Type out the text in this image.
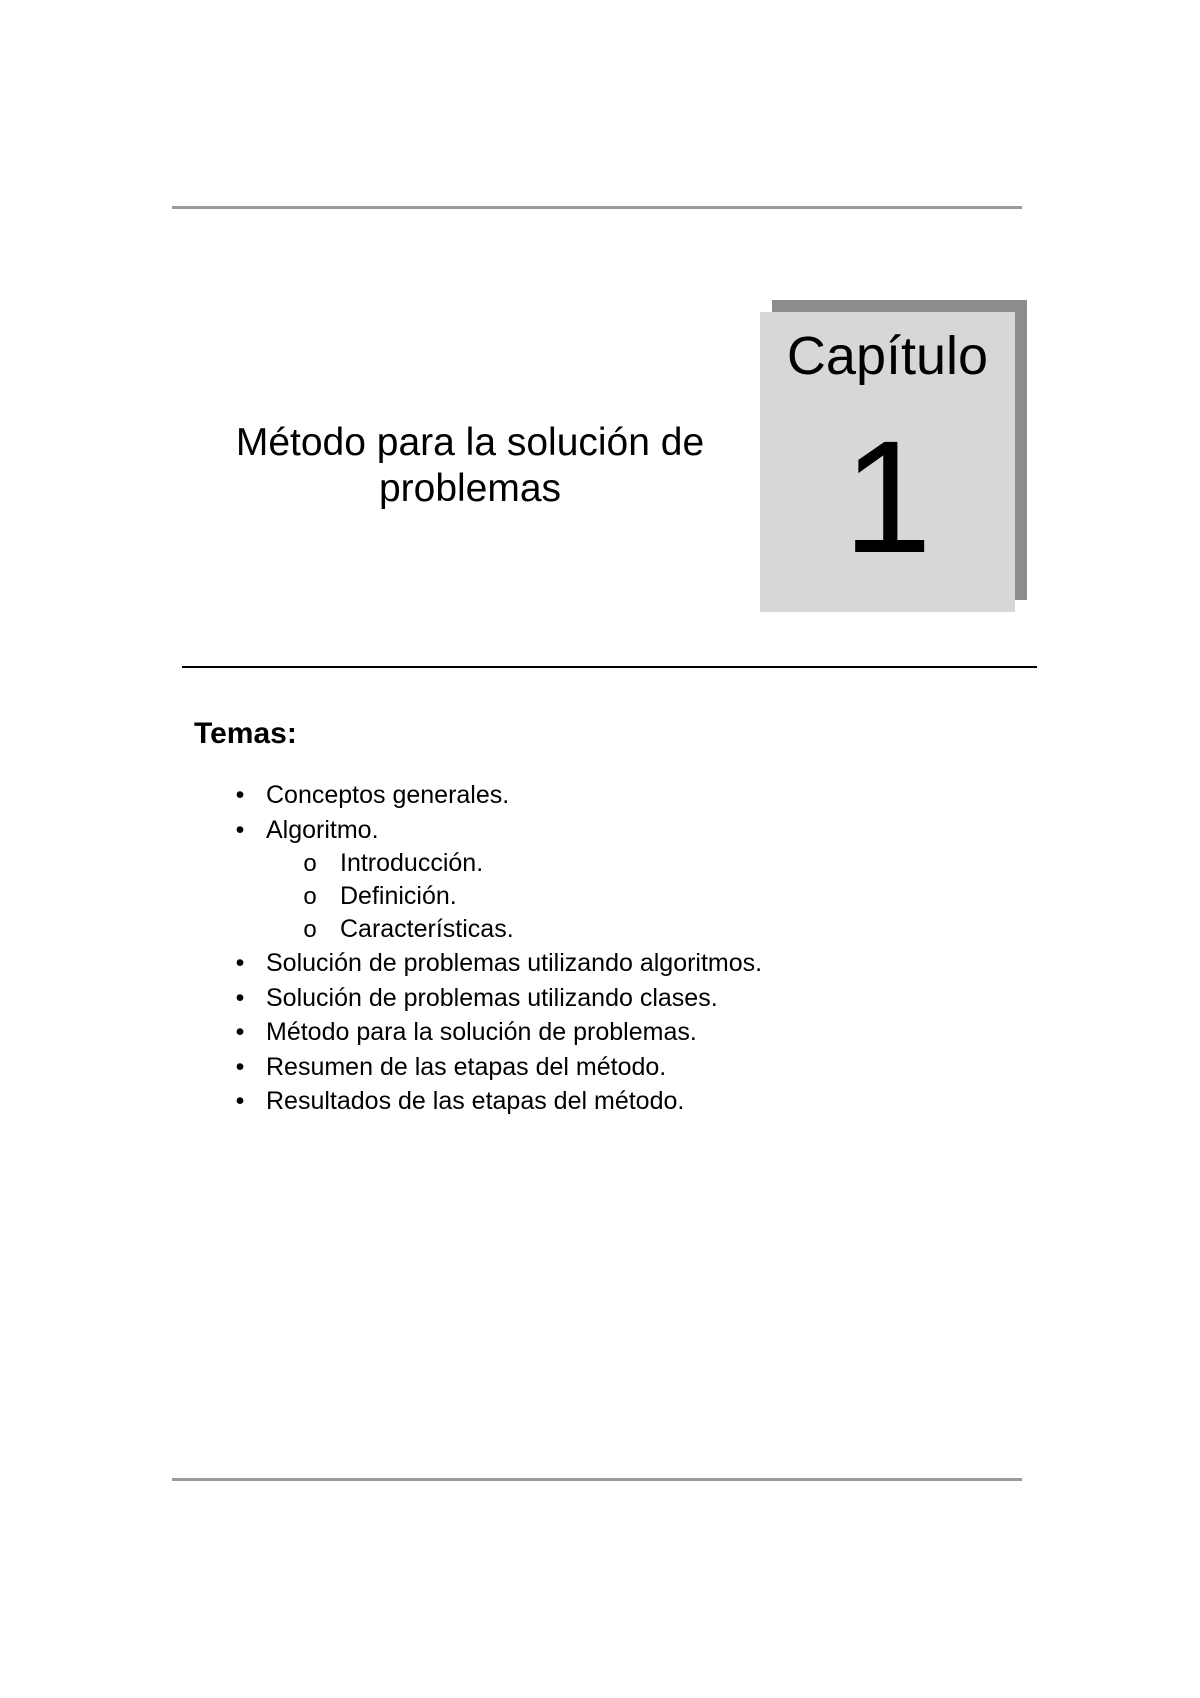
Método para la solución de
problemas
Capítulo
1
Temas:
• Conceptos generales.
• Algoritmo.
o Introducción.
o Definición.
o Características.
• Solución de problemas utilizando algoritmos.
• Solución de problemas utilizando clases.
• Método para la solución de problemas.
• Resumen de las etapas del método.
• Resultados de las etapas del método.
